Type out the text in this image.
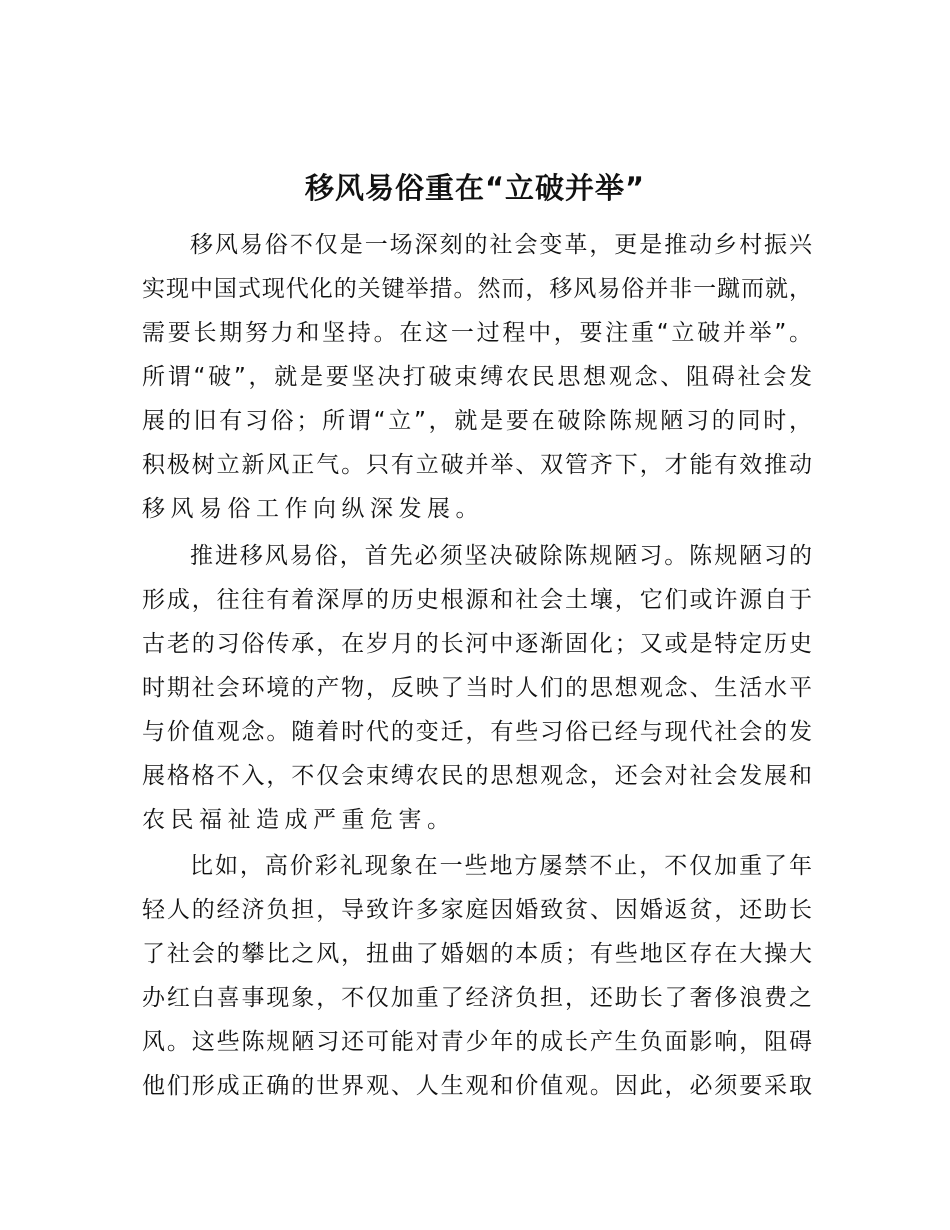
移风易俗重在“立破并举”
移风易俗不仅是一场深刻的社会变革，更是推动乡村振兴
实现中国式现代化的关键举措。然而，移风易俗并非一蹴而就，
需要长期努力和坚持。在这一过程中，要注重“立破并举”。
所谓“破”，就是要坚决打破束缚农民思想观念、阻碍社会发
展的旧有习俗；所谓“立”，就是要在破除陈规陋习的同时，
积极树立新风正气。只有立破并举、双管齐下，才能有效推动
移风易俗工作向纵深发展。
推进移风易俗，首先必须坚决破除陈规陋习。陈规陋习的
形成，往往有着深厚的历史根源和社会土壤，它们或许源自于
古老的习俗传承，在岁月的长河中逐渐固化；又或是特定历史
时期社会环境的产物，反映了当时人们的思想观念、生活水平
与价值观念。随着时代的变迁，有些习俗已经与现代社会的发
展格格不入，不仅会束缚农民的思想观念，还会对社会发展和
农民福祉造成严重危害。
比如，高价彩礼现象在一些地方屡禁不止，不仅加重了年
轻人的经济负担，导致许多家庭因婚致贫、因婚返贫，还助长
了社会的攀比之风，扭曲了婚姻的本质；有些地区存在大操大
办红白喜事现象，不仅加重了经济负担，还助长了奢侈浪费之
风。这些陈规陋习还可能对青少年的成长产生负面影响，阻碍
他们形成正确的世界观、人生观和价值观。因此，必须要采取
